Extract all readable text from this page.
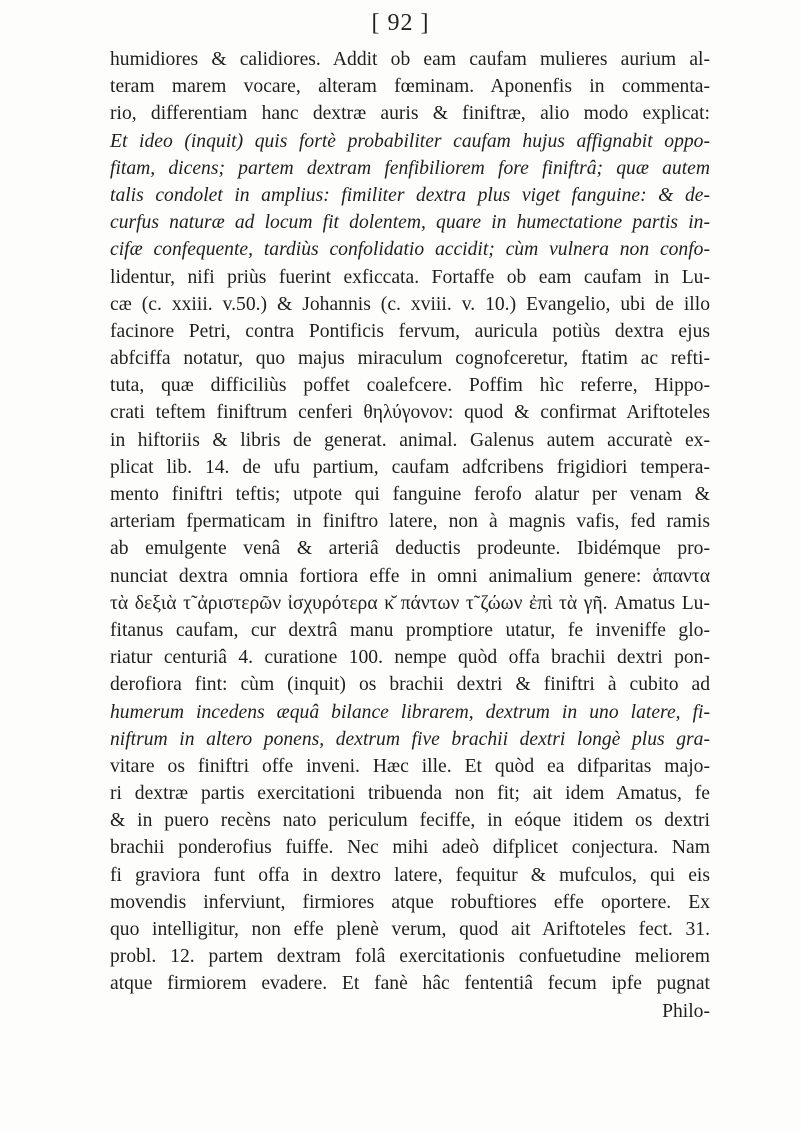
[ 92 ]
humidiores & calidiores. Addit ob eam caufam mulieres aurium al-
teram marem vocare, alteram fœminam. Aponenfis in commenta-
rio, differentiam hanc dextræ auris & finiftræ, alio modo explicat:
Et ideo (inquit) quis fortè probabiliter caufam hujus affignabit oppo-
fitam, dicens; partem dextram fenfibiliorem fore finiftrâ; quæ autem
talis condolet in amplius: fimiliter dextra plus viget fanguine: & de-
curfus naturæ ad locum fit dolentem, quare in humectatione partis in-
cifæ confequente, tardiùs confolidatio accidit; cùm vulnera non confo-
lidentur, nifi priùs fuerint exficcata. Fortaffe ob eam caufam in Lu-
cæ (c. xxiii. v.50.) & Johannis (c. xviii. v. 10.) Evangelio, ubi de illo
facinore Petri, contra Pontificis fervum, auricula potiùs dextra ejus
abfciffa notatur, quo majus miraculum cognofceretur, ftatim ac refti-
tuta, quæ difficiliùs poffet coalefcere. Poffim hìc referre, Hippo-
crati teftem finiftrum cenferi θηλύγονον: quod & confirmat Ariftoteles
in hiftoriis & libris de generat. animal. Galenus autem accuratè ex-
plicat lib. 14. de ufu partium, caufam adfcribens frigidiori tempera-
mento finiftri teftis; utpote qui fanguine ferofo alatur per venam &
arteriam fpermaticam in finiftro latere, non à magnis vafis, fed ramis
ab emulgente venâ & arteriâ deductis prodeunte. Ibidémque pro-
nunciat dextra omnia fortiora effe in omni animalium genere: ἁπαντα
τὰ δεξιὰ τ̃ ἀριστερῶν ἰσχυρότερα κ̆ πάντων τ̃ ζώων ἐπὶ τὰ γῆ. Amatus Lu-
fitanus caufam, cur dextrâ manu promptiore utatur, fe inveniffe glo-
riatur centuriâ 4. curatione 100. nempe quòd offa brachii dextri pon-
derofiora fint: cùm (inquit) os brachii dextri & finiftri à cubito ad
humerum incedens æquâ bilance librarem, dextrum in uno latere, fi-
niftrum in altero ponens, dextrum five brachii dextri longè plus gra-
vitare os finiftri offe inveni. Hæc ille. Et quòd ea difparitas majo-
ri dextræ partis exercitationi tribuenda non fit; ait idem Amatus, fe
& in puero recèns nato periculum feciffe, in eóque itidem os dextri
brachii ponderofius fuiffe. Nec mihi adeò difplicet conjectura. Nam
fi graviora funt offa in dextro latere, fequitur & mufculos, qui eis
movendis inferviunt, firmiores atque robuftiores effe oportere. Ex
quo intelligitur, non effe plenè verum, quod ait Ariftoteles fect. 31.
probl. 12. partem dextram folâ exercitationis confuetudine meliorem
atque firmiorem evadere. Et fanè hâc fententiâ fecum ipfe pugnat
Philo-
